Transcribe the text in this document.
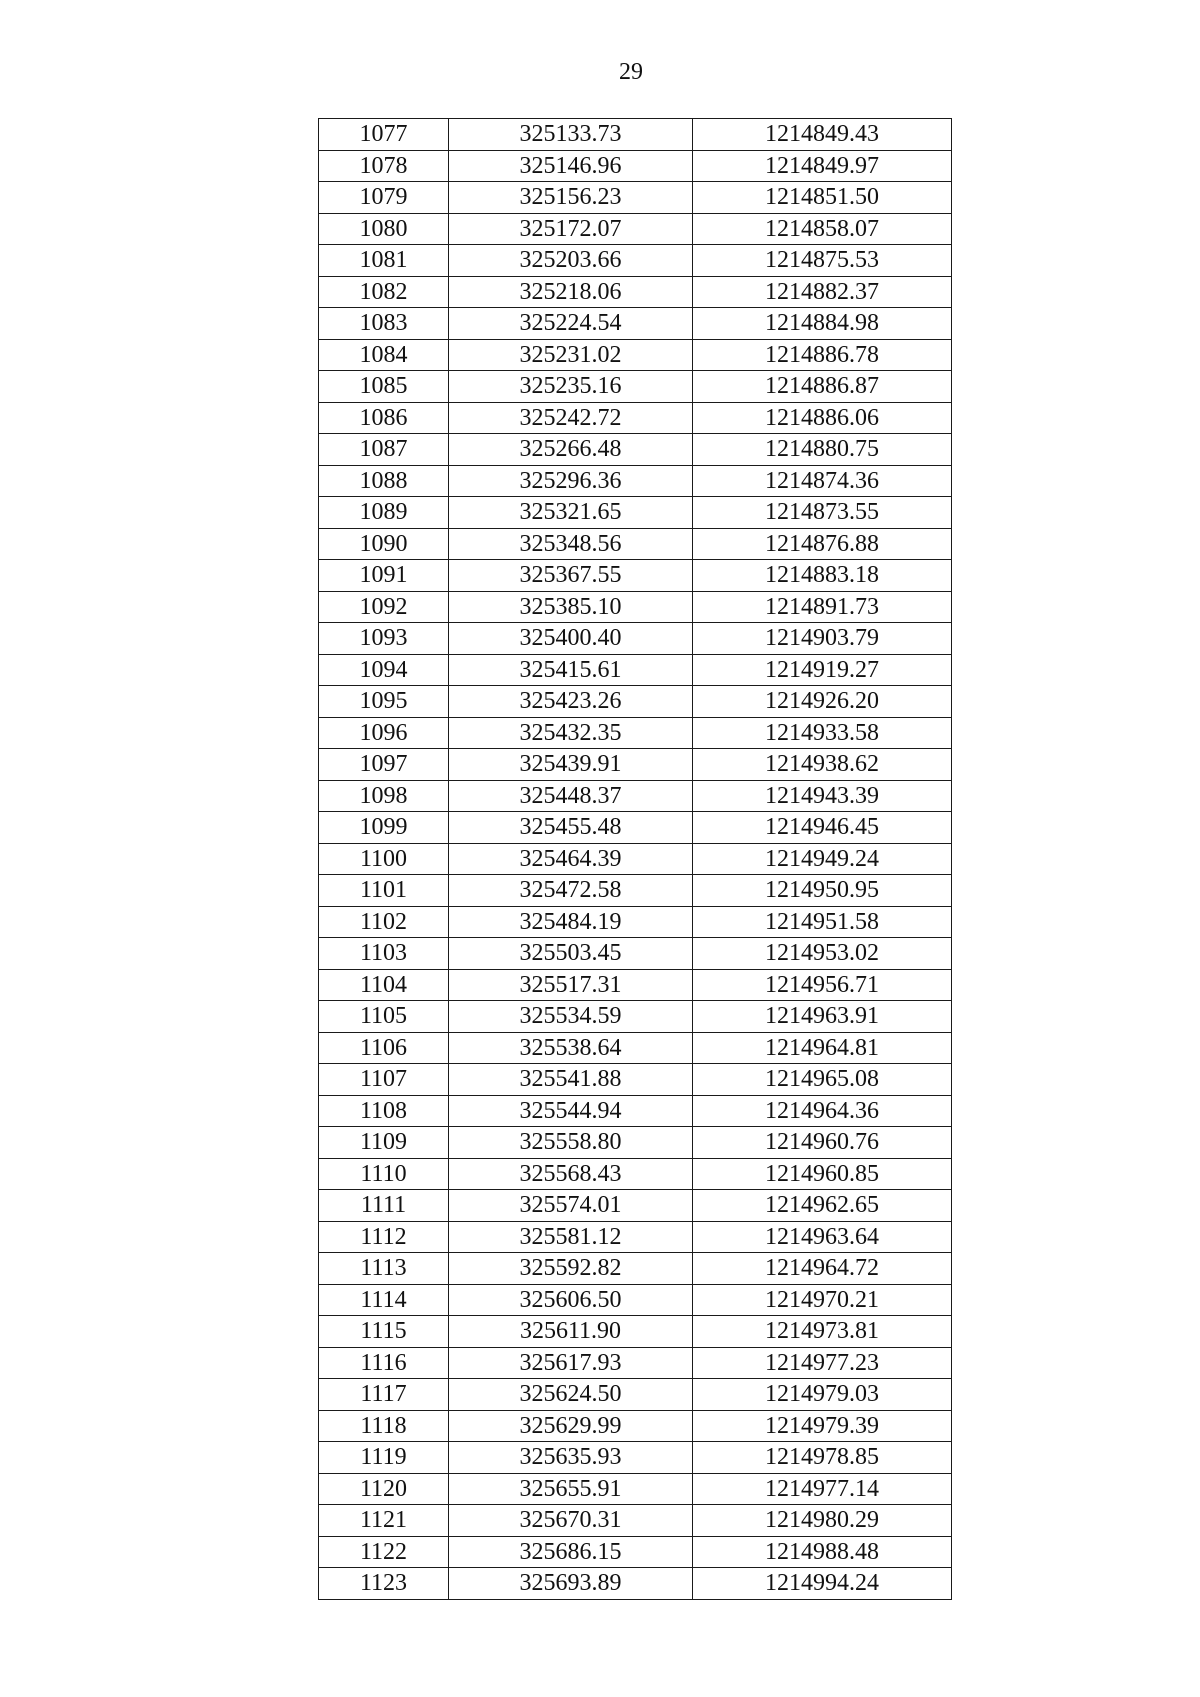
29
1077	325133.73	1214849.43
1078	325146.96	1214849.97
1079	325156.23	1214851.50
1080	325172.07	1214858.07
1081	325203.66	1214875.53
1082	325218.06	1214882.37
1083	325224.54	1214884.98
1084	325231.02	1214886.78
1085	325235.16	1214886.87
1086	325242.72	1214886.06
1087	325266.48	1214880.75
1088	325296.36	1214874.36
1089	325321.65	1214873.55
1090	325348.56	1214876.88
1091	325367.55	1214883.18
1092	325385.10	1214891.73
1093	325400.40	1214903.79
1094	325415.61	1214919.27
1095	325423.26	1214926.20
1096	325432.35	1214933.58
1097	325439.91	1214938.62
1098	325448.37	1214943.39
1099	325455.48	1214946.45
1100	325464.39	1214949.24
1101	325472.58	1214950.95
1102	325484.19	1214951.58
1103	325503.45	1214953.02
1104	325517.31	1214956.71
1105	325534.59	1214963.91
1106	325538.64	1214964.81
1107	325541.88	1214965.08
1108	325544.94	1214964.36
1109	325558.80	1214960.76
1110	325568.43	1214960.85
1111	325574.01	1214962.65
1112	325581.12	1214963.64
1113	325592.82	1214964.72
1114	325606.50	1214970.21
1115	325611.90	1214973.81
1116	325617.93	1214977.23
1117	325624.50	1214979.03
1118	325629.99	1214979.39
1119	325635.93	1214978.85
1120	325655.91	1214977.14
1121	325670.31	1214980.29
1122	325686.15	1214988.48
1123	325693.89	1214994.24
